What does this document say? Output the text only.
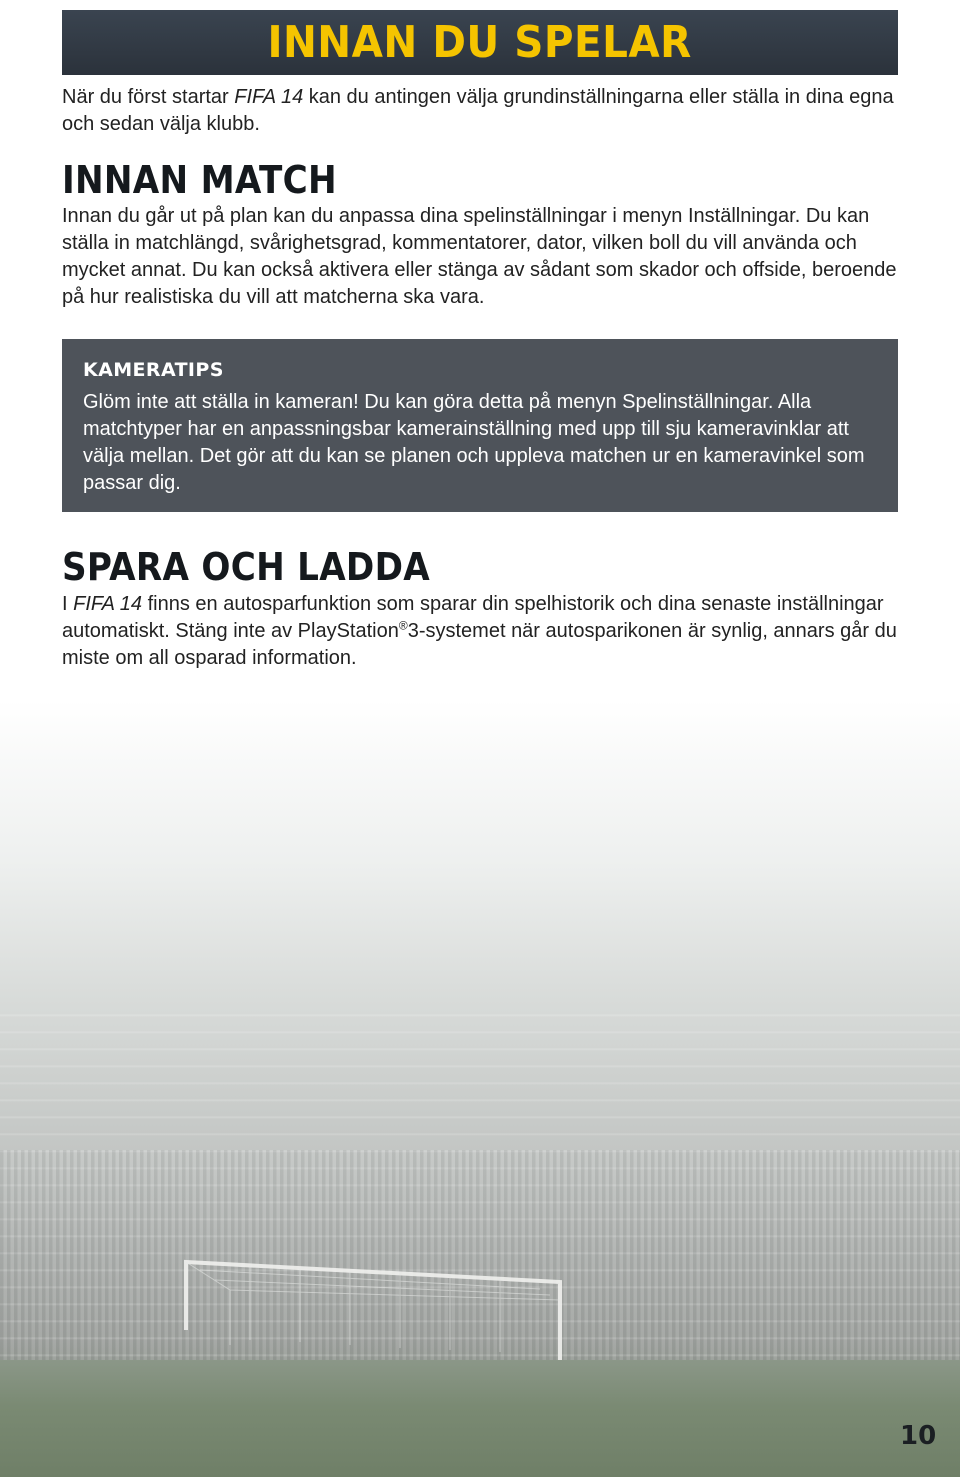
INNAN DU SPELAR
När du först startar FIFA 14 kan du antingen välja grundinställningarna eller ställa in dina egna och sedan välja klubb.
INNAN MATCH
Innan du går ut på plan kan du anpassa dina spelinställningar i menyn Inställningar. Du kan ställa in matchlängd, svårighetsgrad, kommentatorer, dator, vilken boll du vill använda och mycket annat. Du kan också aktivera eller stänga av sådant som skador och offside, beroende på hur realistiska du vill att matcherna ska vara.
KAMERATIPS
Glöm inte att ställa in kameran! Du kan göra detta på menyn Spelinställningar. Alla matchtyper har en anpassningsbar kamerainställning med upp till sju kameravinklar att välja mellan. Det gör att du kan se planen och uppleva matchen ur en kameravinkel som passar dig.
SPARA OCH LADDA
I FIFA 14 finns en autosparfunktion som sparar din spelhistorik och dina senaste inställningar automatiskt. Stäng inte av PlayStation®3-systemet när autosparikonen är synlig, annars går du miste om all osparad information.
10
